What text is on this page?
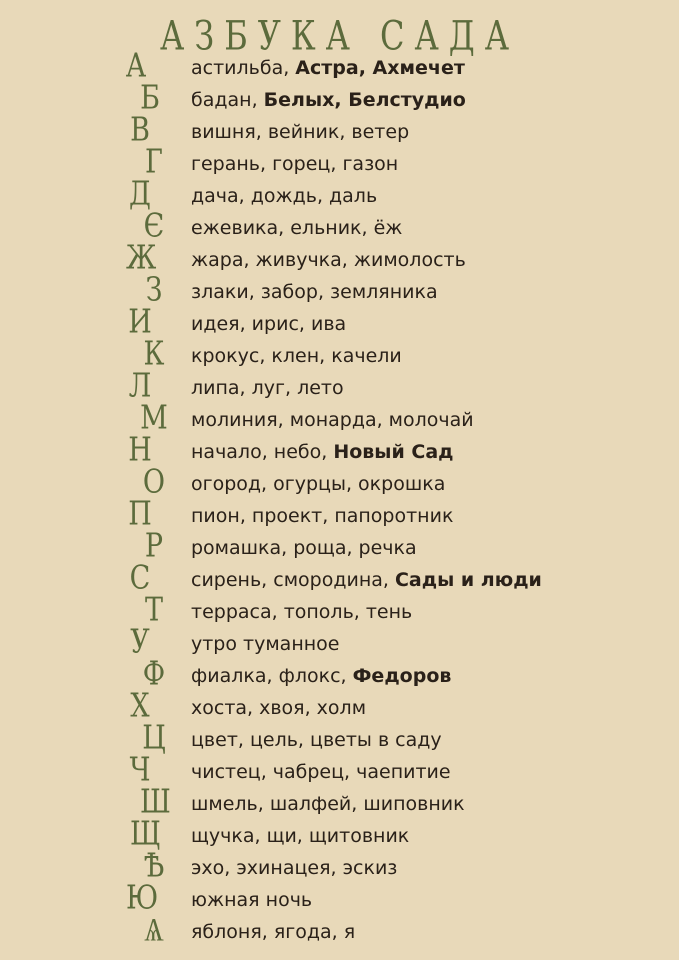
АЗБУКА САДА
А астильба, Астра, Ахмечет
Б бадан, Белых, Белстудио
В вишня, вейник, ветер
Г герань, горец, газон
Д дача, дождь, даль
Є ежевика, ельник, ёж
Ж жара, живучка, жимолость
З злаки, забор, земляника
И идея, ирис, ива
К крокус, клен, качели
Л липа, луг, лето
М молиния, монарда, молочай
Н начало, небо, Новый Сад
О огород, огурцы, окрошка
П пион, проект, папоротник
Р ромашка, роща, речка
С сирень, смородина, Сады и люди
Т терраса, тополь, тень
У утро туманное
Ф фиалка, флокс, Федоров
Х хоста, хвоя, холм
Ц цвет, цель, цветы в саду
Ч чистец, чабрец, чаепитие
Ш шмель, шалфей, шиповник
Щ щучка, щи, щитовник
Ѣ эхо, эхинацея, эскиз
Ю южная ночь
Ѧ яблоня, ягода, я
